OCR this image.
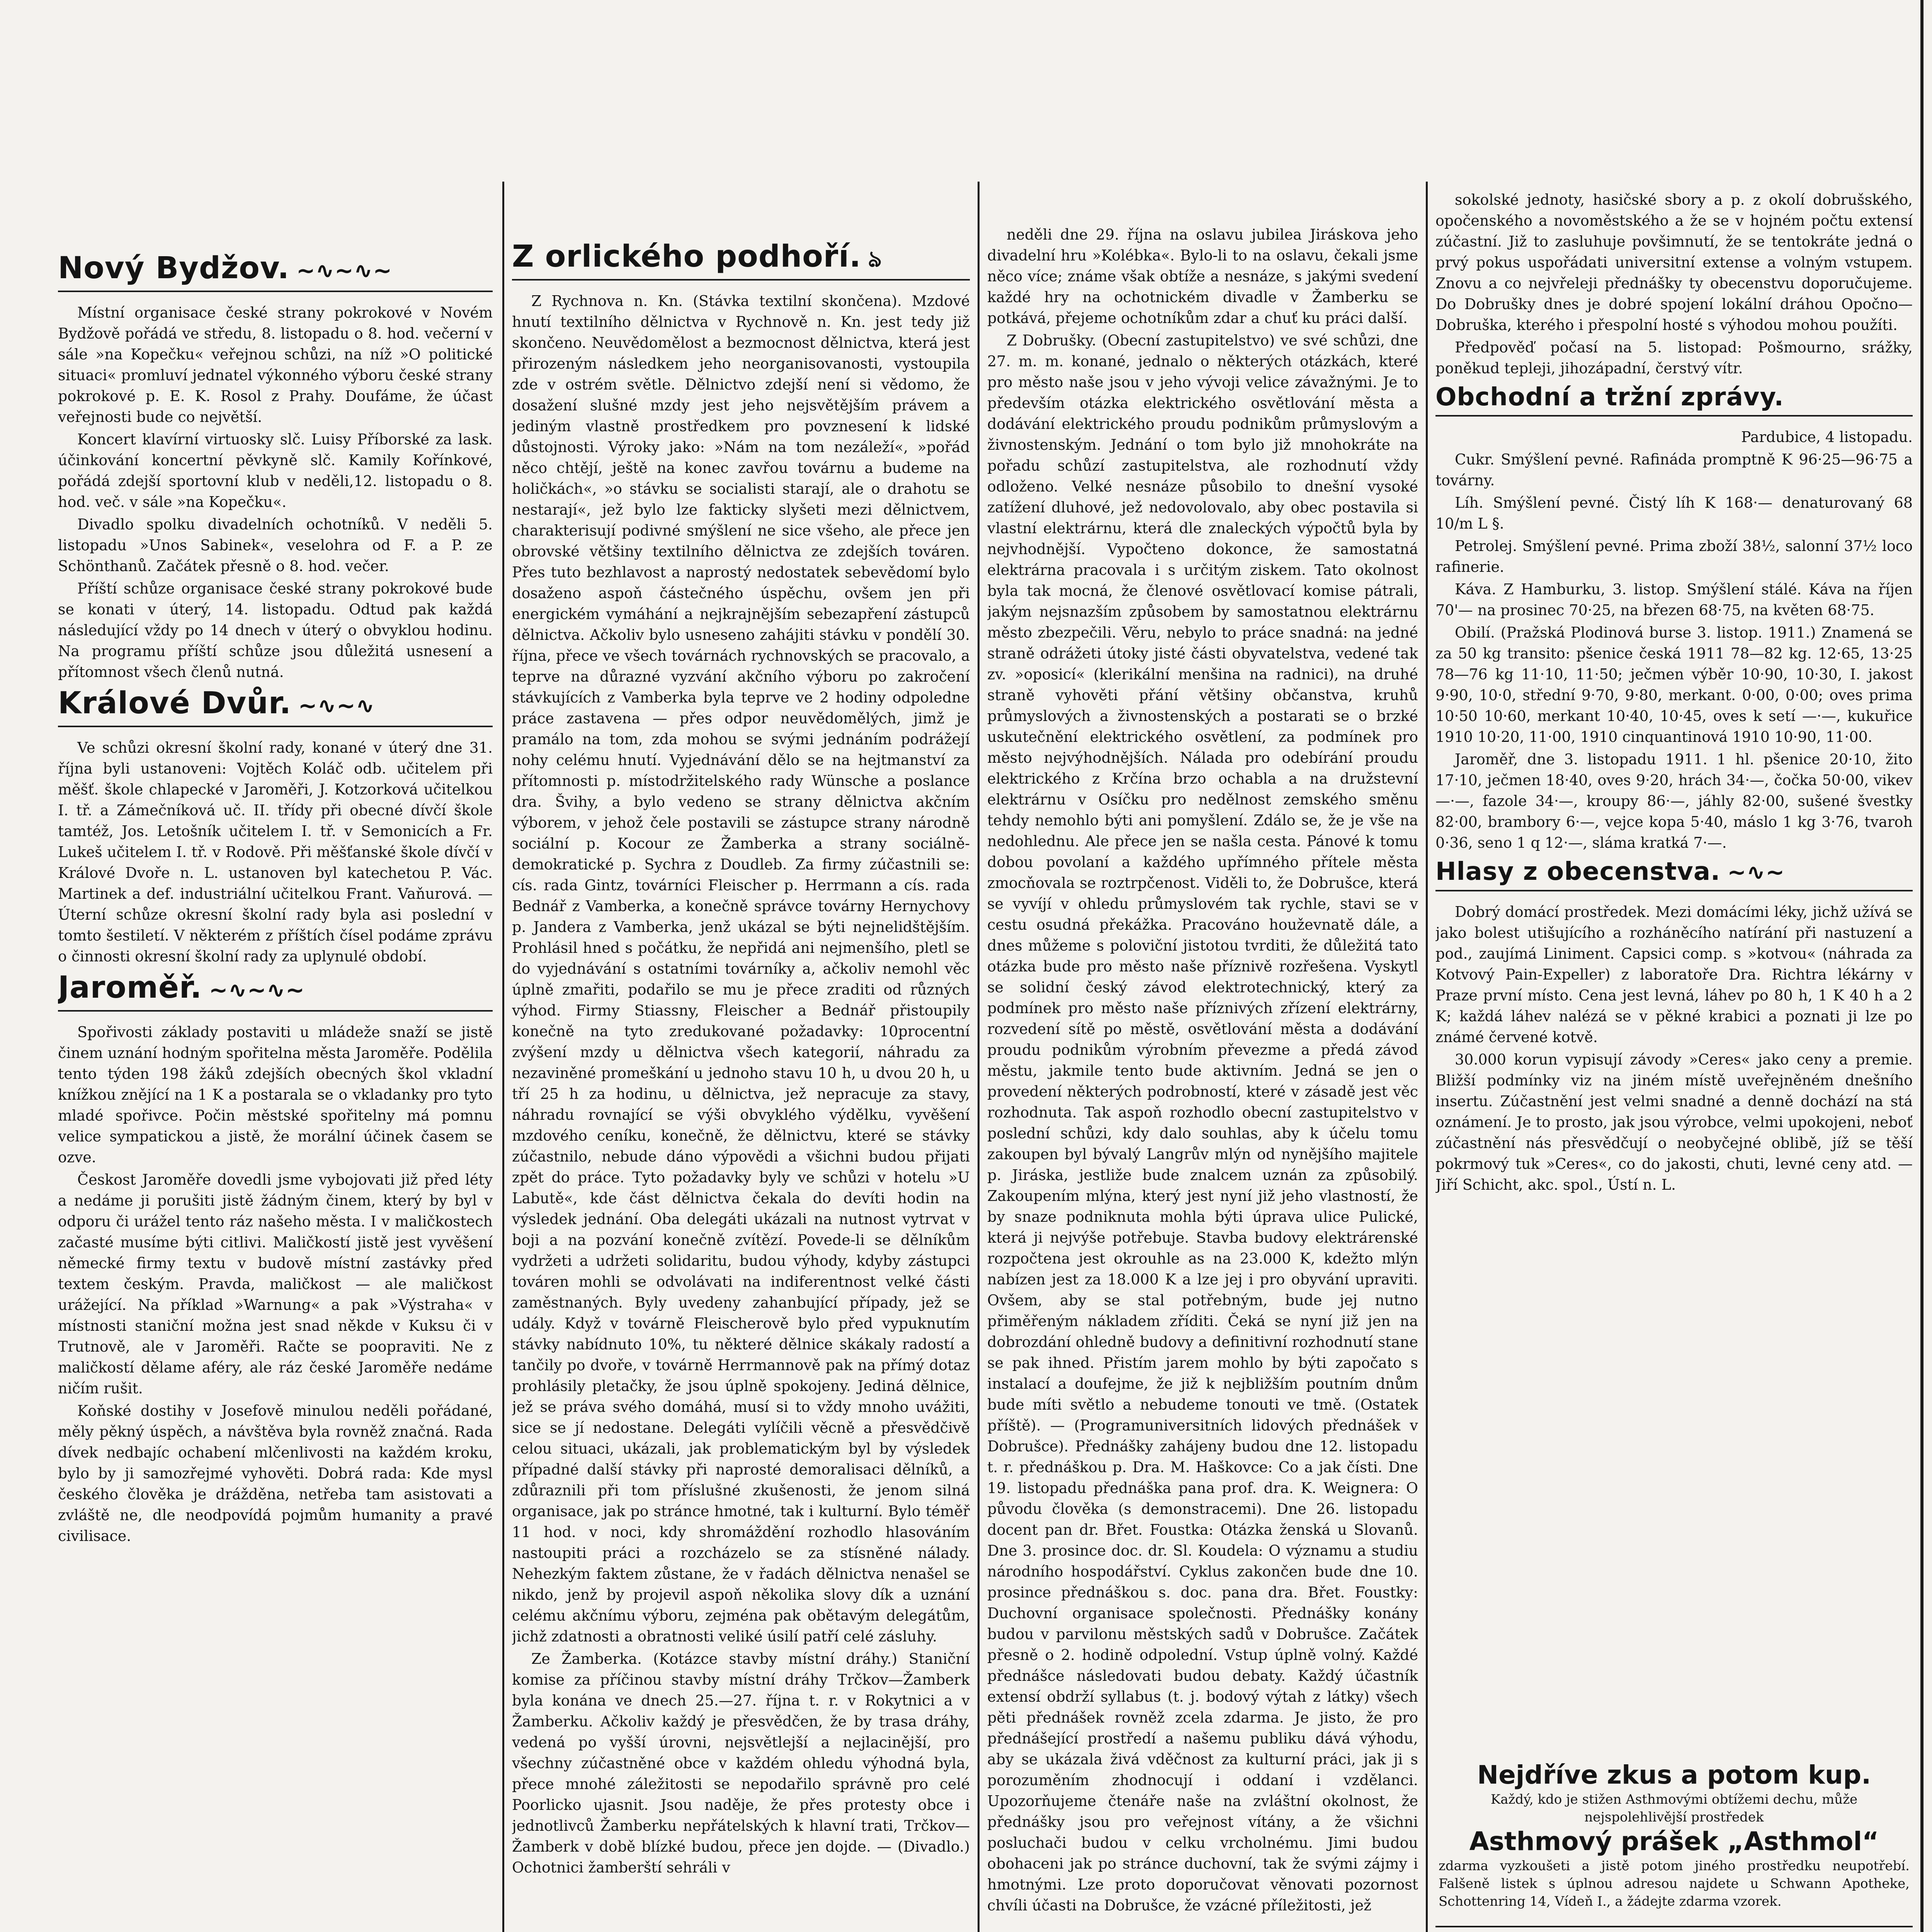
Nový Bydžov. ~∿~∿~

Místní organisace české strany pokrokové v Novém Bydžově pořádá ve středu, 8. listopadu o 8. hod. večerní v sále »na Kopečku« veřejnou schůzi, na níž »O politické situaci« promluví jednatel výkonného výboru české strany pokrokové p. E. K. Rosol z Prahy. Doufáme, že účast veřejnosti bude co největší.

Koncert klavírní virtuosky slč. Luisy Příborské za lask. účinkování koncertní pěvkyně slč. Kamily Kořínkové, pořádá zdejší sportovní klub v neděli,12. listopadu o 8. hod. več. v sále »na Kopečku«.

Divadlo spolku divadelních ochotníků. V neděli 5. listopadu »Unos Sabinek«, veselohra od F. a P. ze Schönthanů. Začátek přesně o 8. hod. večer.

Příští schůze organisace české strany pokrokové bude se konati v úterý, 14. listopadu. Odtud pak každá následující vždy po 14 dnech v úterý o obvyklou hodinu. Na programu příští schůze jsou důležitá usnesení a přítomnost všech členů nutná.

Králové Dvůr. ~∿~∿

Ve schůzi okresní školní rady, konané v úterý dne 31. října byli ustanoveni: Vojtěch Koláč odb. učitelem při měšť. škole chlapecké v Jaroměři, J. Kotzorková učitelkou I. tř. a Zámečníková uč. II. třídy při obecné dívčí škole tamtéž, Jos. Letošník učitelem I. tř. v Semonicích a Fr. Lukeš učitelem I. tř. v Rodově. Při měšťanské škole dívčí v Králové Dvoře n. L. ustanoven byl katechetou P. Vác. Martinek a def. industriální učitelkou Frant. Vaňurová. — Úterní schůze okresní školní rady byla asi poslední v tomto šestiletí. V některém z příštích čísel podáme zprávu o činnosti okresní školní rady za uplynulé období.

Jaroměř. ~∿~∿~

Spořivosti základy postaviti u mládeže snaží se jistě činem uznání hodným spořitelna města Jaroměře. Podělila tento týden 198 žáků zdejších obecných škol vkladní knížkou znějící na 1 K a postarala se o vkladanky pro tyto mladé spořivce. Počin městské spořitelny má pomnu velice sympatickou a jistě, že morální účinek časem se ozve.

Českost Jaroměře dovedli jsme vybojovati již před léty a nedáme ji porušiti jistě žádným činem, který by byl v odporu či urážel tento ráz našeho města. I v maličkostech začasté musíme býti citlivi. Maličkostí jistě jest vyvěšení německé firmy textu v budově místní zastávky před textem českým. Pravda, maličkost — ale maličkost urážející. Na příklad »Warnung« a pak »Výstraha« v místnosti staniční možna jest snad někde v Kuksu či v Trutnově, ale v Jaroměři. Račte se poopraviti. Ne z maličkostí dělame aféry, ale ráz české Jaroměře nedáme ničím rušit.

Koňské dostihy v Josefově minulou neděli pořádané, měly pěkný úspěch, a návštěva byla rovněž značná. Rada dívek nedbajíc ochabení mlčenlivosti na každém kroku, bylo by ji samozřejmé vyhověti. Dobrá rada: Kde mysl českého člověka je drážděna, netřeba tam asistovati a zvláště ne, dle neodpovídá pojmům humanity a pravé civilisace.

Z orlického podhoří. ঌ

Z Rychnova n. Kn. (Stávka textilní skončena). Mzdové hnutí textilního dělnictva v Rychnově n. Kn. jest tedy již skončeno. Neuvědomělost a bezmocnost dělnictva, která jest přirozeným následkem jeho neorganisovanosti, vystoupila zde v ostrém světle. Dělnictvo zdejší není si vědomo, že dosažení slušné mzdy jest jeho nejsvětějším právem a jediným vlastně prostředkem pro povznesení k lidské důstojnosti. Výroky jako: »Nám na tom nezáleží«, »pořád něco chtějí, ještě na konec zavřou továrnu a budeme na holičkách«, »o stávku se socialisti starají, ale o drahotu se nestarají«, jež bylo lze fakticky slyšeti mezi dělnictvem, charakterisují podivné smýšlení ne sice všeho, ale přece jen obrovské většiny textilního dělnictva ze zdejších továren. Přes tuto bezhlavost a naprostý nedostatek sebevědomí bylo dosaženo aspoň částečného úspěchu, ovšem jen při energickém vymáhání a nejkrajnějším sebezapření zástupců dělnictva. Ačkoliv bylo usneseno zahájiti stávku v pondělí 30. října, přece ve všech továrnách rychnovských se pracovalo, a teprve na důrazné vyzvání akčního výboru po zakročení stávkujících z Vamberka byla teprve ve 2 hodiny odpoledne práce zastavena — přes odpor neuvědomělých, jimž je pramálo na tom, zda mohou se svými jednáním podrážejí nohy celému hnutí. Vyjednávání dělo se na hejtmanství za přítomnosti p. místodržitelského rady Wünsche a poslance dra. Švihy, a bylo vedeno se strany dělnictva akčním výborem, v jehož čele postavili se zástupce strany národně sociální p. Kocour ze Žamberka a strany sociálně-demokratické p. Sychra z Doudleb. Za firmy zúčastnili se: cís. rada Gintz, továrníci Fleischer p. Herrmann a cís. rada Bednář z Vamberka, a konečně správce továrny Hernychovy p. Jandera z Vamberka, jenž ukázal se býti nejnelidštějším. Prohlásil hned s počátku, že nepřidá ani nejmenšího, pletl se do vyjednávání s ostatními továrníky a, ačkoliv nemohl věc úplně zmařiti, podařilo se mu je přece zraditi od různých výhod. Firmy Stiassny, Fleischer a Bednář přistoupily konečně na tyto zredukované požadavky: 10procentní zvýšení mzdy u dělnictva všech kategorií, náhradu za nezaviněné promeškání u jednoho stavu 10 h, u dvou 20 h, u tří 25 h za hodinu, u dělnictva, jež nepracuje za stavy, náhradu rovnající se výši obvyklého výdělku, vyvěšení mzdového ceníku, konečně, že dělnictvu, které se stávky zúčastnilo, nebude dáno výpovědi a všichni budou přijati zpět do práce. Tyto požadavky byly ve schůzi v hotelu »U Labutě«, kde část dělnictva čekala do devíti hodin na výsledek jednání. Oba delegáti ukázali na nutnost vytrvat v boji a na pozvání konečně zvítězí. Povede-li se dělníkům vydržeti a udržeti solidaritu, budou výhody, kdyby zástupci továren mohli se odvolávati na indiferentnost velké části zaměstnaných. Byly uvedeny zahanbující případy, jež se udály. Když v továrně Fleischerově bylo před vypuknutím stávky nabídnuto 10%, tu některé dělnice skákaly radostí a tančily po dvoře, v továrně Herrmannově pak na přímý dotaz prohlásily pletačky, že jsou úplně spokojeny. Jediná dělnice, jež se práva svého domáhá, musí si to vždy mnoho uvážiti, sice se jí nedostane. Delegáti vylíčili věcně a přesvědčivě celou situaci, ukázali, jak problematickým byl by výsledek případné další stávky při naprosté demoralisaci dělníků, a zdůraznili při tom příslušné zkušenosti, že jenom silná organisace, jak po stránce hmotné, tak i kulturní. Bylo téměř 11 hod. v noci, kdy shromáždění rozhodlo hlasováním nastoupiti práci a rozcházelo se za stísněné nálady. Nehezkým faktem zůstane, že v řadách dělnictva nenašel se nikdo, jenž by projevil aspoň několika slovy dík a uznání celému akčnímu výboru, zejména pak obětavým delegátům, jichž zdatnosti a obratnosti veliké úsilí patří celé zásluhy.

Ze Žamberka. (Kotázce stavby místní dráhy.) Staniční komise za příčinou stavby místní dráhy Trčkov—Žamberk byla konána ve dnech 25.—27. října t. r. v Rokytnici a v Žamberku. Ačkoliv každý je přesvědčen, že by trasa dráhy, vedená po vyšší úrovni, nejsvětlejší a nejlacinější, pro všechny zúčastněné obce v každém ohledu výhodná byla, přece mnohé záležitosti se nepodařilo správně pro celé Poorlicko ujasnit. Jsou naděje, že přes protesty obce i jednotlivců Žamberku nepřátelských k hlavní trati, Trčkov—Žamberk v době blízké budou, přece jen dojde. — (Divadlo.) Ochotnici žamberští sehráli v

neděli dne 29. října na oslavu jubilea Jiráskova jeho divadelní hru »Kolébka«. Bylo-li to na oslavu, čekali jsme něco více; známe však obtíže a nesnáze, s jakými svedení každé hry na ochotnickém divadle v Žamberku se potkává, přejeme ochotníkům zdar a chuť ku práci další.

Z Dobrušky. (Obecní zastupitelstvo) ve své schůzi, dne 27. m. m. konané, jednalo o některých otázkách, které pro město naše jsou v jeho vývoji velice závažnými. Je to především otázka elektrického osvětlování města a dodávání elektrického proudu podnikům průmyslovým a živnostenským. Jednání o tom bylo již mnohokráte na pořadu schůzí zastupitelstva, ale rozhodnutí vždy odloženo. Velké nesnáze působilo to dnešní vysoké zatížení dluhové, jež nedovolovalo, aby obec postavila si vlastní elektrárnu, která dle znaleckých výpočtů byla by nejvhodnější. Vypočteno dokonce, že samostatná elektrárna pracovala i s určitým ziskem. Tato okolnost byla tak mocná, že členové osvětlovací komise pátrali, jakým nejsnazším způsobem by samostatnou elektrárnu město zbezpečili. Věru, nebylo to práce snadná: na jedné straně odrážeti útoky jisté části obyvatelstva, vedené tak zv. »oposicí« (klerikální menšina na radnici), na druhé straně vyhověti přání většiny občanstva, kruhů průmyslových a živnostenských a postarati se o brzké uskutečnění elektrického osvětlení, za podmínek pro město nejvýhodnějších. Nálada pro odebírání proudu elektrického z Krčína brzo ochabla a na družstevní elektrárnu v Osíčku pro nedělnost zemského směnu tehdy nemohlo býti ani pomyšlení. Zdálo se, že je vše na nedohlednu. Ale přece jen se našla cesta. Pánové k tomu dobou povolaní a každého upřímného přítele města zmocňovala se roztrpčenost. Viděli to, že Dobrušce, která se vyvíjí v ohledu průmyslovém tak rychle, stavi se v cestu osudná překážka. Pracováno houževnatě dále, a dnes můžeme s poloviční jistotou tvrditi, že důležitá tato otázka bude pro město naše příznivě rozřešena. Vyskytl se solidní český závod elektrotechnický, který za podmínek pro město naše příznivých zřízení elektrárny, rozvedení sítě po městě, osvětlování města a dodávání proudu podnikům výrobním převezme a předá závod městu, jakmile tento bude aktivním. Jedná se jen o provedení některých podrobností, které v zásadě jest věc rozhodnuta. Tak aspoň rozhodlo obecní zastupitelstvo v poslední schůzi, kdy dalo souhlas, aby k účelu tomu zakoupen byl bývalý Langrův mlýn od nynějšího majitele p. Jiráska, jestliže bude znalcem uznán za způsobilý. Zakoupením mlýna, který jest nyní již jeho vlastností, že by snaze podniknuta mohla býti úprava ulice Pulické, která ji nejvýše potřebuje. Stavba budovy elektrárenské rozpočtena jest okrouhle as na 23.000 K, kdežto mlýn nabízen jest za 18.000 K a lze jej i pro obyvání upraviti. Ovšem, aby se stal potřebným, bude jej nutno přiměřeným nákladem zříditi. Čeká se nyní již jen na dobrozdání ohledně budovy a definitivní rozhodnutí stane se pak ihned. Přistím jarem mohlo by býti započato s instalací a doufejme, že již k nejbližším poutním dnům bude míti světlo a nebudeme tonouti ve tmě. (Ostatek příště). — (Programuniversitních lidových přednášek v Dobrušce). Přednášky zahájeny budou dne 12. listopadu t. r. přednáškou p. Dra. M. Haškovce: Co a jak čísti. Dne 19. listopadu přednáška pana prof. dra. K. Weignera: O původu člověka (s demonstracemi). Dne 26. listopadu docent pan dr. Břet. Foustka: Otázka ženská u Slovanů. Dne 3. prosince doc. dr. Sl. Koudela: O významu a studiu národního hospodářství. Cyklus zakončen bude dne 10. prosince přednáškou s. doc. pana dra. Břet. Foustky: Duchovní organisace společnosti. Přednášky konány budou v parvilonu městských sadů v Dobrušce. Začátek přesně o 2. hodině odpolední. Vstup úplně volný. Každé přednášce následovati budou debaty. Každý účastník extensí obdrží syllabus (t. j. bodový výtah z látky) všech pěti přednášek rovněž zcela zdarma. Je jisto, že pro přednášející prostředí a našemu publiku dává výhodu, aby se ukázala živá vděčnost za kulturní práci, jak ji s porozuměním zhodnocují i oddaní i vzdělanci. Upozorňujeme čtenáře naše na zvláštní okolnost, že přednášky jsou pro veřejnost vítány, a že všichni posluchači budou v celku vrcholnému. Jimi budou obohaceni jak po stránce duchovní, tak že svými zájmy i hmotnými. Lze proto doporučovat věnovati pozornost chvíli účasti na Dobrušce, že vzácné příležitosti, jež

sokolské jednoty, hasičské sbory a p. z okolí dobrušského, opočenského a novoměstského a že se v hojném počtu extensí zúčastní. Již to zasluhuje povšimnutí, že se tentokráte jedná o prvý pokus uspořádati universitní extense a volným vstupem. Znovu a co nejvřeleji přednášky ty obecenstvu doporučujeme. Do Dobrušky dnes je dobré spojení lokální dráhou Opočno—Dobruška, kterého i přespolní hosté s výhodou mohou použíti.

Předpověď počasí na 5. listopad: Pošmourno, srážky, poněkud tepleji, jihozápadní, čerstvý vítr.

Obchodní a tržní zprávy.

Pardubice, 4 listopadu.

Cukr. Smýšlení pevné. Rafináda promptně K 96·25—96·75 a továrny.

Líh. Smýšlení pevné. Čistý líh K 168·— denaturovaný 68 10/m L §.

Petrolej. Smýšlení pevné. Prima zboží 38½, salonní 37½ loco rafinerie.

Káva. Z Hamburku, 3. listop. Smýšlení stálé. Káva na říjen 70'— na prosinec 70·25, na březen 68·75, na květen 68·75.

Obilí. (Pražská Plodinová burse 3. listop. 1911.) Znamená se za 50 kg transito: pšenice česká 1911 78—82 kg. 12·65, 13·25 78—76 kg 11·10, 11·50; ječmen výběr 10·90, 10·30, I. jakost 9·90, 10·0, střední 9·70, 9·80, merkant. 0·00, 0·00; oves prima 10·50 10·60, merkant 10·40, 10·45, oves k setí —·—, kukuřice 1910 10·20, 11·00, 1910 cinquantinová 1910 10·90, 11·00.

Jaroměř, dne 3. listopadu 1911. 1 hl. pšenice 20·10, žito 17·10, ječmen 18·40, oves 9·20, hrách 34·—, čočka 50·00, vikev —·—, fazole 34·—, kroupy 86·—, jáhly 82·00, sušené švestky 82·00, brambory 6·—, vejce kopa 5·40, máslo 1 kg 3·76, tvaroh 0·36, seno 1 q 12·—, sláma kratká 7·—.

Hlasy z obecenstva. ~∿~

Dobrý domácí prostředek. Mezi domácími léky, jichž užívá se jako bolest utišujícího a rozháněcího natírání při nastuzení a pod., zaujímá Liniment. Capsici comp. s »kotvou« (náhrada za Kotvový Pain-Expeller) z laboratoře Dra. Richtra lékárny v Praze první místo. Cena jest levná, láhev po 80 h, 1 K 40 h a 2 K; každá láhev nalézá se v pěkné krabici a poznati ji lze po známé červené kotvě.

30.000 korun vypisují závody »Ceres« jako ceny a premie. Bližší podmínky viz na jiném místě uveřejněném dnešního insertu. Zúčastnění jest velmi snadné a denně dochází na stá oznámení. Je to prosto, jak jsou výrobce, velmi upokojeni, neboť zúčastnění nás přesvědčují o neobyčejné oblibě, jíž se těší pokrmový tuk »Ceres«, co do jakosti, chuti, levné ceny atd. — Jiří Schicht, akc. spol., Ústí n. L.

Nejdříve zkus a potom kup.
Každý, kdo je stižen Asthmovými obtížemi dechu, může nejspolehlivější prostředek
Asthmový prášek „Asthmol“
zdarma vyzkoušeti a jistě potom jiného prostředku neupotřebí. Falšeně listek s úplnou adresou najdete u Schwann Apotheke, Schottenring 14, Vídeň I., a žádejte zdarma vzorek.
